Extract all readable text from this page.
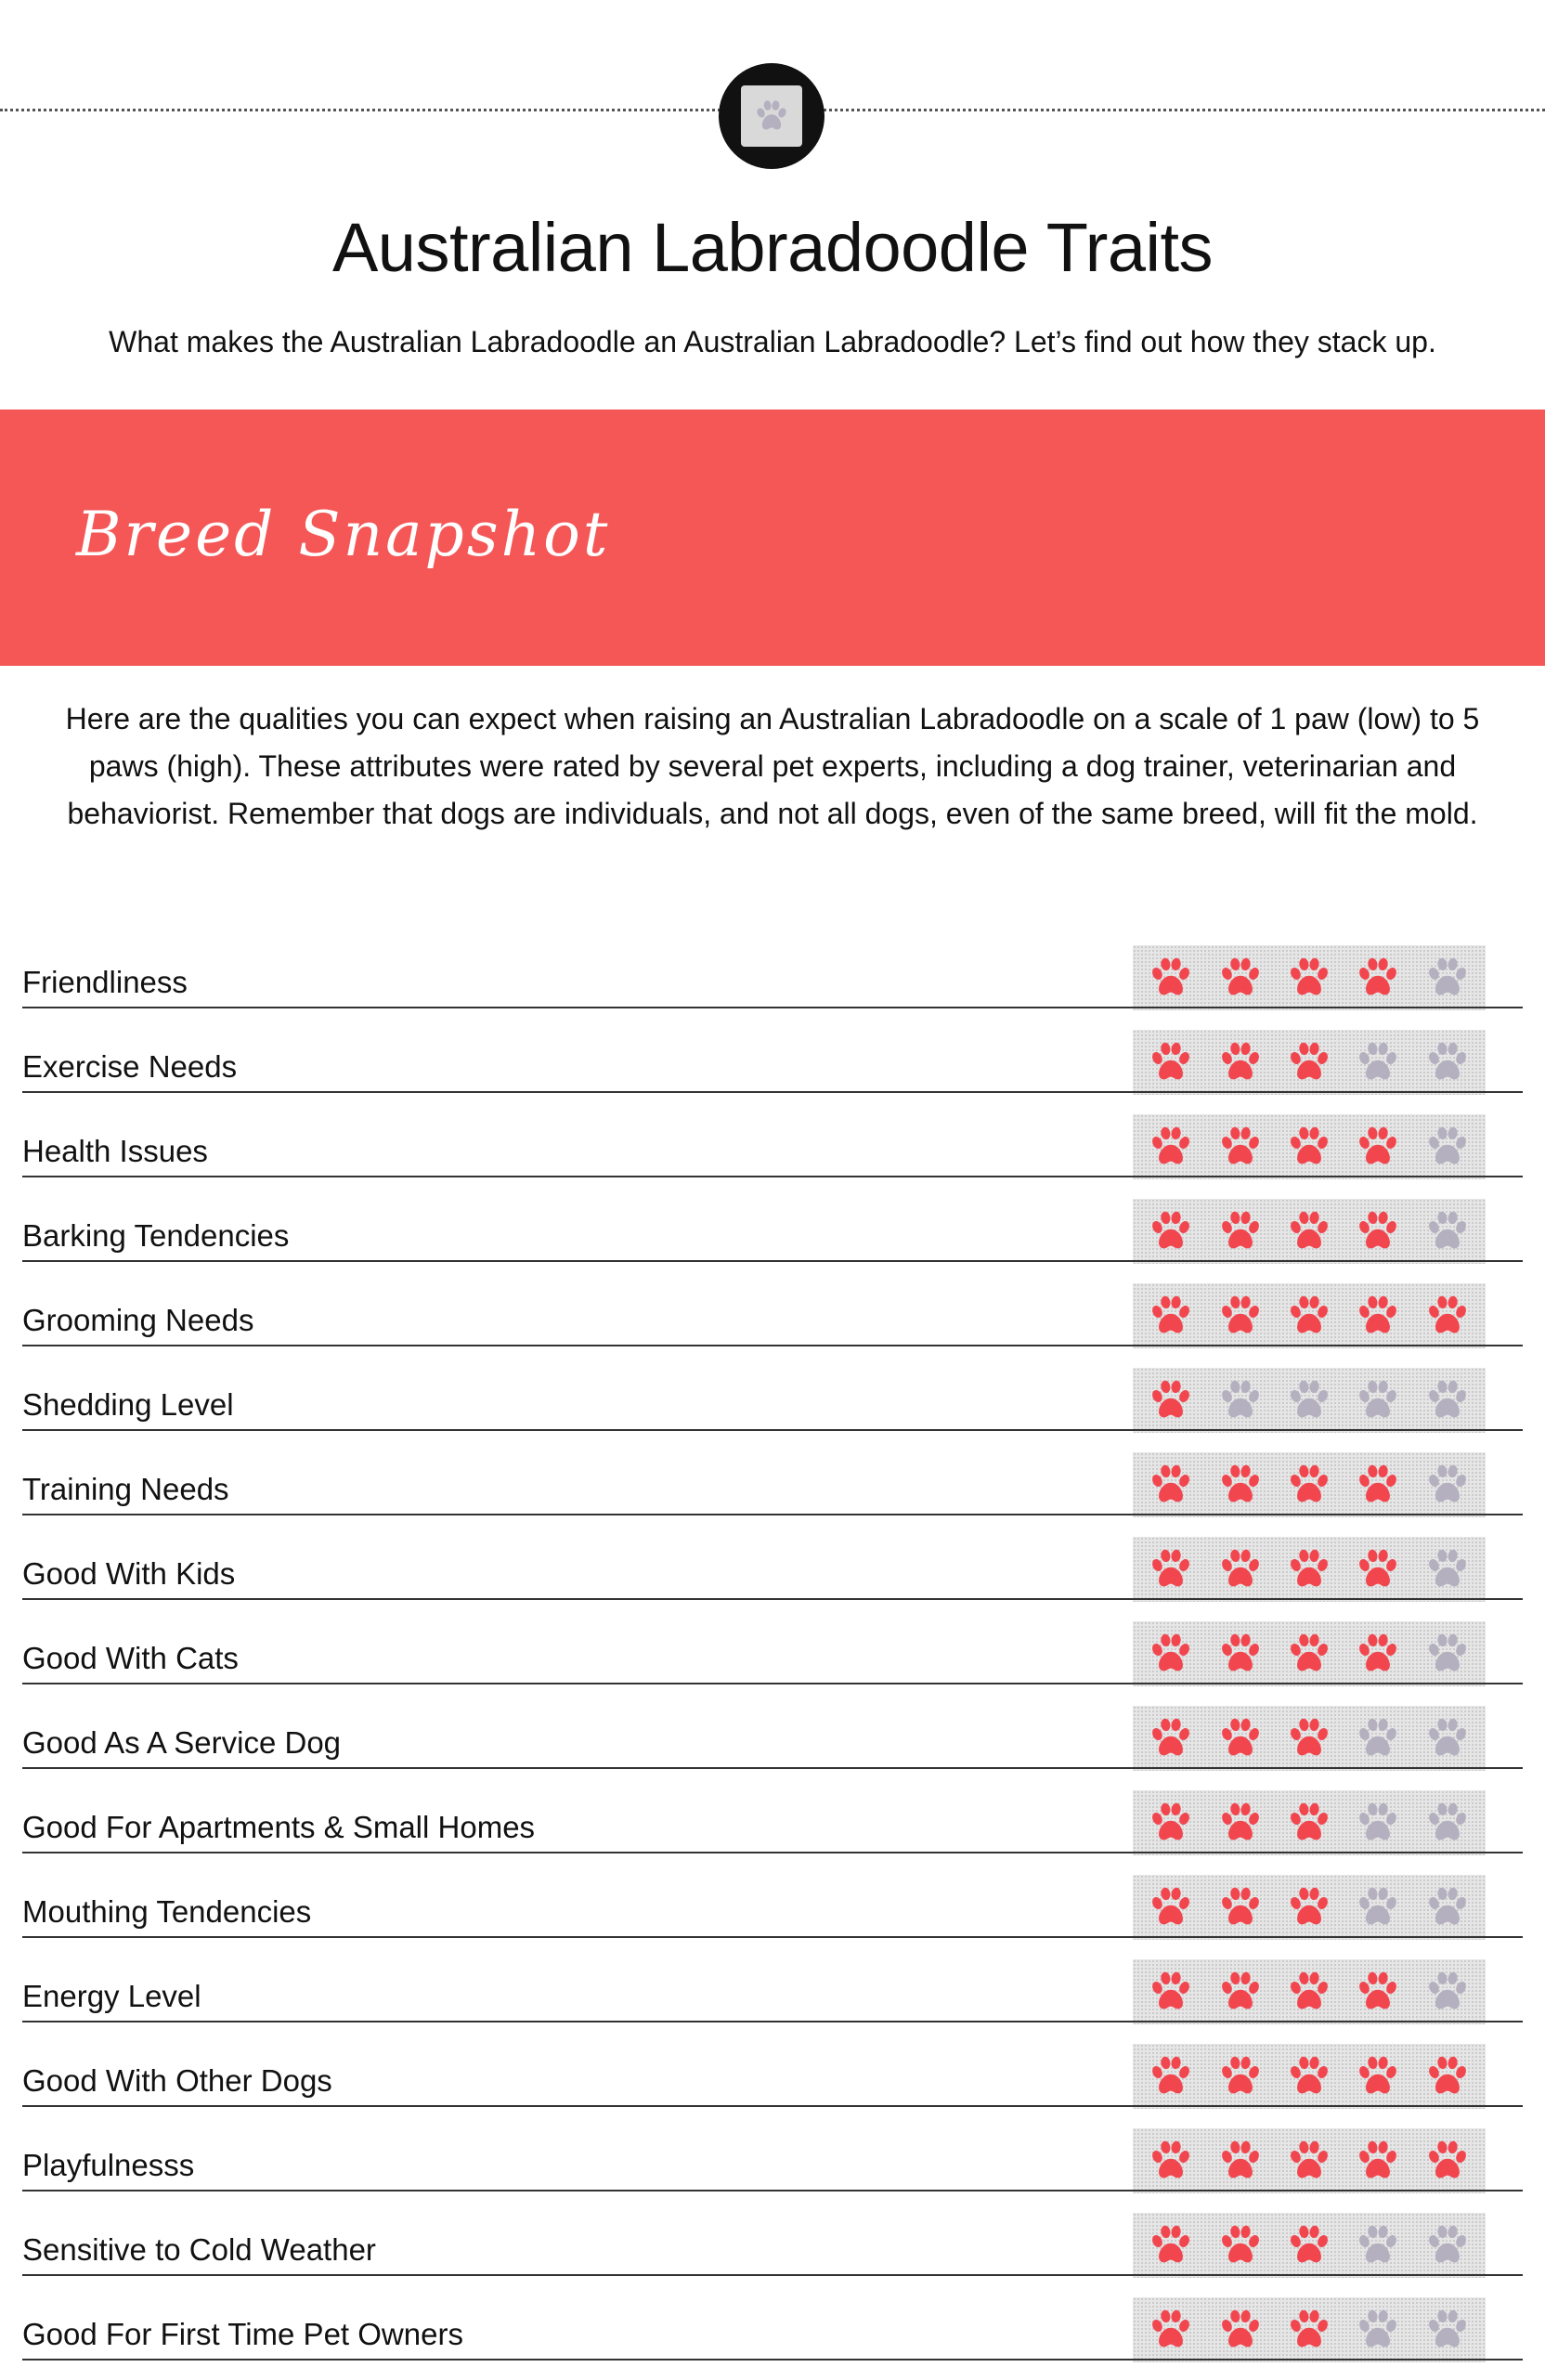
Australian Labradoodle Traits

What makes the Australian Labradoodle an Australian Labradoodle? Let’s find out how they stack up.

Breed Snapshot

Here are the qualities you can expect when raising an Australian Labradoodle on a scale of 1 paw (low) to 5 paws (high). These attributes were rated by several pet experts, including a dog trainer, veterinarian and behaviorist. Remember that dogs are individuals, and not all dogs, even of the same breed, will fit the mold.

Friendliness
Exercise Needs
Health Issues
Barking Tendencies
Grooming Needs
Shedding Level
Training Needs
Good With Kids
Good With Cats
Good As A Service Dog
Good For Apartments & Small Homes
Mouthing Tendencies
Energy Level
Good With Other Dogs
Playfulnesss
Sensitive to Cold Weather
Good For First Time Pet Owners
